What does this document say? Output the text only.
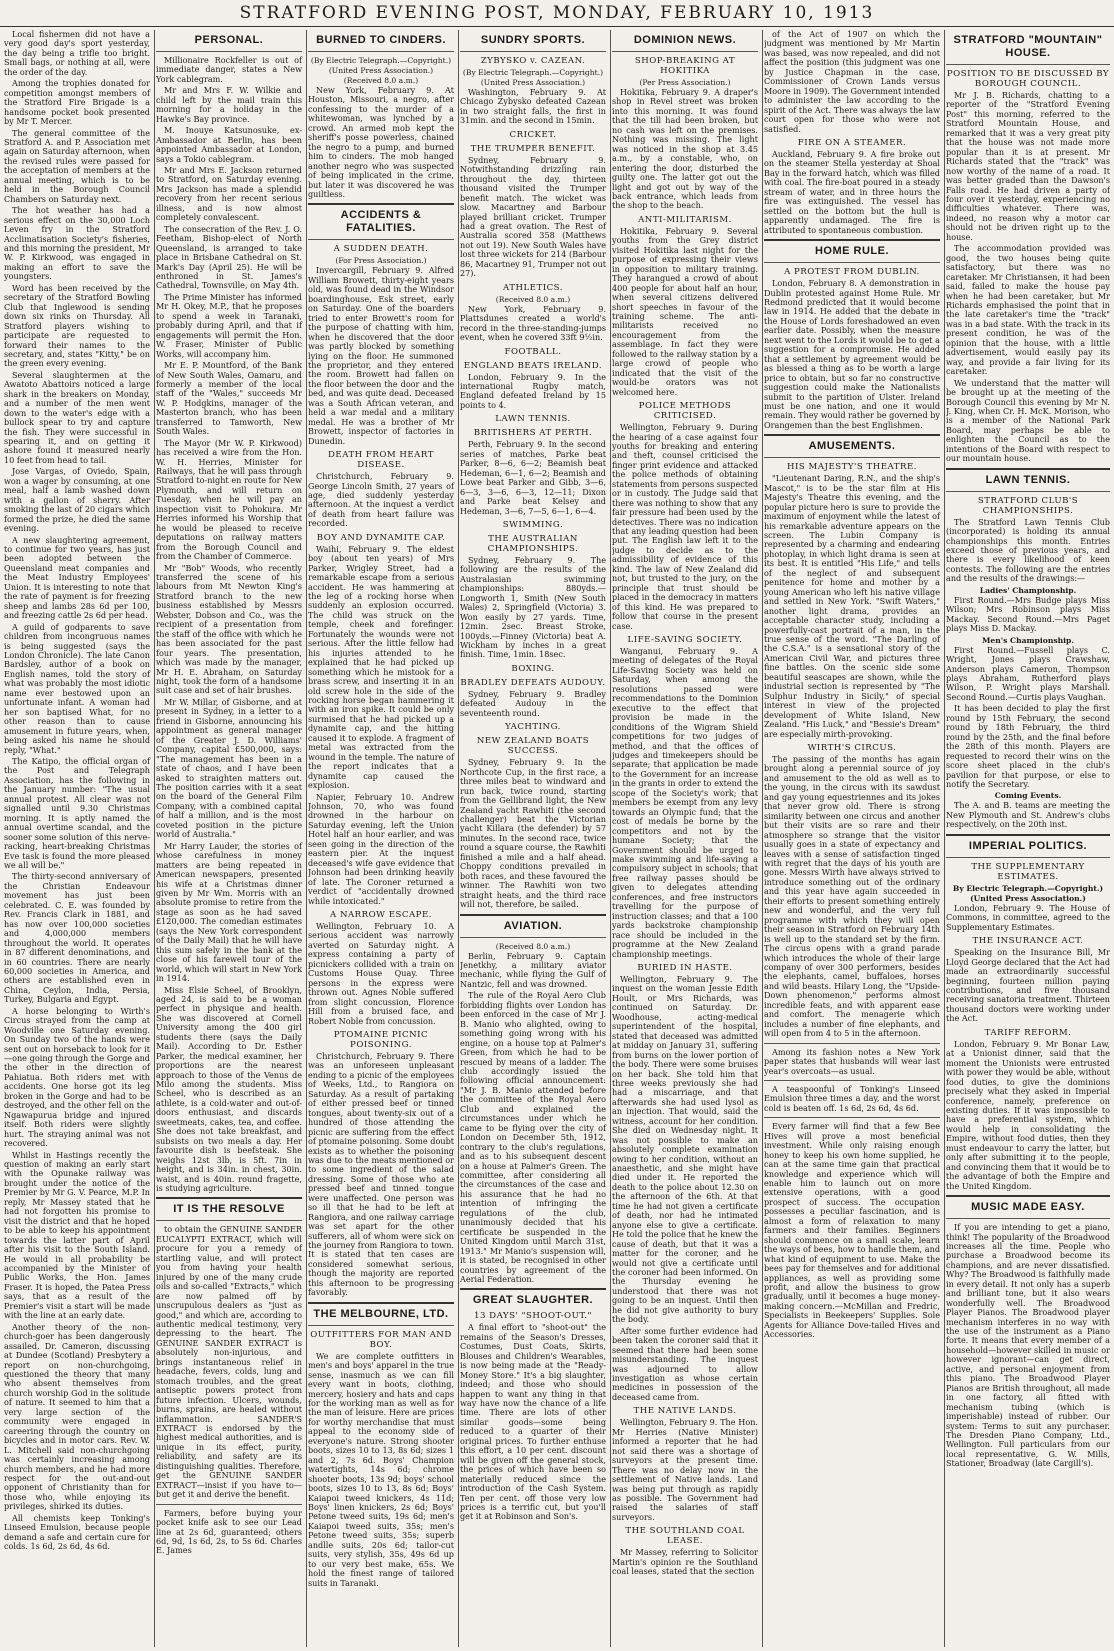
STRATFORD EVENING POST, MONDAY, FEBRUARY 10, 1913

Local fishermen did not have a very good day's sport yesterday, the day being a trifle too bright. Small bags, or nothing at all, were the order of the day.

Among the trophies donated for competition amongst members of the Stratford Fire Brigade is a handsome pocket book presented by Mr T. Mercer.

The general committee of the Stratford A. and P. Association met again on Saturday afternoon, when the revised rules were passed for the acceptation of members at the annual meeting, which is to be held in the Borough Council Chambers on Saturday next.

The hot weather has had a serious effect on the 30,000 Loch Leven fry in the Stratford Acclimatisation Society's fisheries, and this morning the president, Mr W. P. Kirkwood, was engaged in making an effort to save the youngsters.

Word has been received by the secretary of the Stratford Bowling Club that Inglewood is sending down six rinks on Thursday. All Stratford players wishing to participate are requested to forward their names to the secretary, and, states "Kitty," be on the green every evening.

Several slaughtermen at the Awatoto Abattoirs noticed a large shark in the breakers on Monday, and a number of the men went down to the water's edge with a bullock spear to try and capture the fish. They were successful in spearing it, and on getting it ashore found it measured nearly 10 feet from head to tail.

Jose Vargas, of Oviedo, Spain, won a wager by consuming, at one meal, half a lamb washed down with a gallon of sherry. After smoking the last of 20 cigars which formed the prize, he died the same evening.

A new slaughtering agreement, to continue for two years, has just been adopted between the Queensland meat companies and the Meat Industry Employees' Union. It is interesting to note that the rate of payment is for freezing sheep and lambs 28s 6d per 100, and freezing cattle 2s 6d per head.

A guild of godparents to save children from incongruous names is being suggested (says the London Chronicle). The late Canon Bardsley, author of a book on English names, told the story of what was probably the most idiotic name ever bestowed upon an unfortunate infant. A woman had her son baptised What, for no other reason than to cause amusement in future years, when, being asked his name he should reply, "What."

The Katipo, the official organ of the Post and Telegraph Association, has the following in the January number: "The usual annual protest. All clear was not signalled until 9.30 Christmas morning. It is aptly named the annual overtime scandal, and the sooner some solution of this nerve-racking, heart-breaking Christmas Eve task is found the more pleased we all will be."

The thirty-second anniversary of the Christian Endeavour movement has just been celebrated. C. E. was founded by Rev. Francis Clark in 1881, and has now over 100,000 societies and 4,000,000 members throughout the world. It operates in 87 different denominations, and in 60 countries. There are nearly 60,000 societies in America, and others are established even in China, Ceylon, India, Persia, Turkey, Bulgaria and Egypt.

A horse belonging to Wirth's Circus strayed from the camp at Woodville one Saturday evening. On Sunday two of the hands were sent out on horseback to look for it—one going through the Gorge and the other in the direction of Pahiatua. Both riders met with accidents. One horse got its leg broken in the Gorge and had to be destroyed, and the other fell on the Ngawapurua bridge and injured itself. Both riders were slightly hurt. The straying animal was not recovered.

Whilst in Hastings recently the question of making an early start with the Opunake railway was brought under the notice of the Premier by Mr G. V. Pearce, M.P. In reply, Mr Massey stated that he had not forgotten his promise to visit the district and that he hoped to be able to keep his appointment towards the latter part of April after his visit to the South Island. He would in all probability be accompanied by the Minister of Public Works, the Hon. James Fraser. It is hoped, the Patea Press says, that as a result of the Premier's visit a start will be made with the line at an early date.

Another theory of the non-church-goer has been dangerously assailed. Dr. Cameron, discussing at Dundee (Scotland) Presbytery a report on non-churchgoing, questioned the theory that many who absent themselves from church worship God in the solitude of nature. It seemed to him that a very large section of the community were engaged in careering through the country on bicycles and in motor cars. Rev. W. L. Mitchell said non-churchgoing was certainly increasing among church members, and he had more respect for the out-and-out opponent of Christianity than for those who, while enjoying its privileges, shirked its duties.

All chemists keep Tonking's Linseed Emulsion, because people demand a safe and certain cure for colds. 1s 6d, 2s 6d, 4s 6d.

PERSONAL.

Millionaire Rockfeller is out of immediate danger, states a New York cablegram.

Mr and Mrs F. W. Wilkie and child left by the mail train this morning for a holiday in the Hawke's Bay province.

M. Inouye Katsunosuke, ex-Ambassador at Berlin, has been appointed Ambassador at London, says a Tokio cablegram.

Mr and Mrs E. Jackson returned to Stratford, on Saturday evening. Mrs Jackson has made a splendid recovery from her recent serious illness, and is now almost completely convalescent.

The consecration of the Rev. J. O. Feetham, Bishop-elect of North Queensland, is arranged to take place in Brisbane Cathedral on St. Mark's Day (April 25). He will be enthroned in St. James's Cathedral, Townsville, on May 4th.

The Prime Minister has informed Mr H. Okey, M.P., that he proposes to spend a week in Taranaki, probably during April, and that if engagements will permit the Hon. W. Fraser, Minister of Public Works, will accompany him.

Mr E. P. Mountford, of the Bank of New South Wales, Oamaru, and formerly a member of the local staff of the "Wales," succeeds Mr W. P. Hodgkins, manager of the Masterton branch, who has been transferred to Tamworth, New South Wales.

The Mayor (Mr W. P. Kirkwood) has received a wire from the Hon. W. H. Herries, Minister for Railways, that he will pass through Stratford to-night en route for New Plymouth, and will return on Tuesday, when he will pay an inspection visit to Pohokura. Mr Herries informed his Worship that he would be pleased to receive deputations on railway matters from the Borough Council and from the Chamber of Commerce.

Mr "Bob" Woods, who recently transferred the scene of his labours from Mt Newton King's Stratford branch to the new business established by Messrs Webster, Dobson and Co., was the recipient of a presentation from the staff of the office with which he has been associated for the past four years. The presentation, which was made by the manager, Mr H. E. Abraham, on Saturday night, took the form of a handsome suit case and set of hair brushes.

Mr W. Millar, of Gisborne, and at present in Sydney, in a letter to a friend in Gisborne, announcing his appointment as general manager of the Greater J. D. Williams' Company, capital £500,000, says: "The management has been in a state of chaos, and I have been asked to straighten matters out. The position carries with it a seat on the board of the General Film Company, with a combined capital of half a million, and is the most coveted position in the picture world of Australia."

Mr Harry Lauder, the stories of whose carefulness in money matters are being repeated in American newspapers, presented his wife at a Christmas dinner given by Mr Wm. Morris with an absolute promise to retire from the stage as soon as he had saved £120,000. The comedian estimates (says the New York correspondent of the Daily Mail) that he will have this sum safely in the bank at the close of his farewell tour of the world, which will start in New York in 1914.

Miss Elsie Scheel, of Brooklyn, aged 24, is said to be a woman perfect in physique and health. She was discovered at Cornell University among the 400 girl students there (says the Daily Mail). According to Dr. Esther Parker, the medical examiner, her proportions are the nearest approach to those of the Venus de Milo among the students. Miss Scheel, who is described as an athlete, is a cold-water and out-of-doors enthusiast, and discards sweetmeats, cakes, tea, and coffee. She does not take breakfast, and subsists on two meals a day. Her favourite dish is beefsteak. She weighs 12st 3lb, is 5ft. 7in in height, and is 34in. in chest, 30in. waist, and is 40in. round fragette, is studying agriculture.

IT IS THE RESOLVE

to obtain the GENUINE SANDER EUCALYPTI EXTRACT, which will procure for you a remedy of startling value, and will protect you from having your health injured by one of the many crude oils and so-called "Extracts," which are now palmed off by unscrupulous dealers as "just as good," and which are, according to authentic medical testimony, very depressing to the heart. The GENUINE SANDER EXTRACT is absolutely non-injurious, and brings instantaneous relief in headache, fevers, colds, lung and stomach troubles, and the great antiseptic powers protect from future infection. Ulcers, wounds, burns, sprains, are healed without inflammation. SANDER'S EXTRACT is endorsed by the highest medical authorities, and is unique in its effect, purity, reliability, and safety are its distinguishing qualities. Therefore, get the GENUINE SANDER EXTRACT—insist if you have to—but get it and derive the benefit.

Farmers, before buying your pocket knife ask to see our Lead line at 2s 6d, guaranteed; others 6d, 9d, 1s 6d, 2s, to 5s 6d. Charles E. James

BURNED TO CINDERS.
(By Electric Telegraph.—Copyright.)
(United Press Association.)
(Received 8.0 a.m.)

New York, February 9. At Houston, Missouri, a negro, after confessing to the murder of a whitewoman, was lynched by a crowd. An armed mob kept the sheriff's posse powerless, chained the negro to a pump, and burned him to cinders. The mob hanged another negro who was suspected of being implicated in the crime, but later it was discovered he was guiltless.

ACCIDENTS & FATALITIES.
A SUDDEN DEATH.
(For Press Association.)

Invercargill, February 9. Alfred William Browett, thirty-eight years old, was found dead in the Windsor boardinghouse, Esk street, early on Saturday. One of the boarders tried to enter Browett's room for the purpose of chatting with him, when he discovered that the door was partly blocked by something lying on the floor. He summoned the proprietor, and they entered the room. Browett had fallen on the floor between the door and the bed, and was quite dead. Deceased was a South African veteran, and held a war medal and a military medal. He was a brother of Mr Browett, inspector of factories in Dunedin.

DEATH FROM HEART DISEASE.

Christchurch, February 9. George Lincoln Smith, 27 years of age, died suddenly yesterday afternoon. At the inquest a verdict of death from heart failure was recorded.

BOY AND DYNAMITE CAP.

Waihi, February 9. The eldest boy (about ten years) of Mrs Parker, Wrigley Street, had a remarkable escape from a serious accident. He was hammering at the leg of a rocking horse when suddenly an explosion occurred. The child was struck on the temple, cheek and forefinger. Fortunately the wounds were not serious. After the little fellow had his injuries attended to he explained that he had picked up something which he mistook for a brass screw, and inserting it in an old screw hole in the side of the rocking horse began hammering it with an iron spike. It could be only surmised that he had picked up a dynamite cap, and the hitting caused it to explode. A fragment of metal was extracted from the wound in the temple. The nature of the report indicates that a dynamite cap caused the explosion.

Napier, February 10. Andrew Johnson, 70, who was found drowned in the harbour on Saturday evening, left the Union Hotel half an hour earlier, and was seen going in the direction of the eastern pier. At the inquest deceased's wife gave evidence that Johnson had been drinking heavily of late. The Coroner returned a verdict of "accidentally drowned while intoxicated."

A NARROW ESCAPE.

Wellington, February 10. A serious accident was narrowly averted on Saturday night. A express containing a party of picnickers collided with a train on Customs House Quay. Three persons in the express were thrown out. Agnes Noble suffered from slight concussion, Florence Hill from a bruised face, and Robert Noble from concussion.

PTOMAINE PICNIC POISONING.

Christchurch, February 9. There was an unforeseen unpleasant ending to a picnic of the employees of Weeks, Ltd., to Rangiora on Saturday. As a result of partaking of either pressed beef or tinned tongues, about twenty-six out of a hundred of those attending the picnic are suffering from the effect of ptomaine poisoning. Some doubt exists as to whether the poisoning was due to the meats mentioned or to some ingredient of the salad dressing. Some of those who ate pressed beef and tinned tongue were unaffected. One person was so ill that he had to be left at Rangiora, and one railway carriage was set apart for the other sufferers, all of whom were sick on the journey from Rangiora to town. It is stated that ten cases are considered somewhat serious, though the majority are reported this afternoon to be progressing favorably.

THE MELBOURNE, LTD.
OUTFITTERS FOR MAN AND BOY.

We are complete outfitters in men's and boys' apparel in the true sense, inasmuch as we can fill every want in boots, clothing, mercery, hosiery and hats and caps for the working man as well as for the man of leisure. Here are prices for worthy merchandise that must appeal to the economy side of everyone's nature. Strong shooter boots, sizes 10 to 13, 8s 6d; sizes 1 and 2, 7s 6d. Boys' Champion watertights, 14s 6d; chrome shooter boots, 13s 9d; boys' school boots, sizes 10 to 13, 8s 6d; Boys' Kaiapoi tweed knickers, 4s 11d; Boys' linen knickers, 2s 6d; Boys' Petone tweed suits, 19s 6d; men's Kaiapoi tweed suits, 35s; men's Petone tweed suits, 35s; superb andlle suits, 20s 6d; tailor-cut suits, very stylish, 35s, 49s 6d up to our very best make, 65s. We hold the finest range of tailored suits in Taranaki.

SUNDRY SPORTS.
ZYBYSKO v. CAZEAN.
(By Electric Telegraph.—Copyright.)
(United Press Association.)

Washington, February 9. At Chicago Zybysko defeated Cazean in two straight falls, the first in 31min. and the second in 15min.

CRICKET.
THE TRUMPER BENEFIT.

Sydney, February 9. Notwithstanding drizzling rain throughout the day, thirteen thousand visited the Trumper benefit match. The wicket was slow. Macartney and Barbour played brilliant cricket. Trumper had a great ovation. The Rest of Australia scored 358 (Matthews not out 19). New South Wales have lost three wickets for 214 (Barbour 86, Macartney 91, Trumper not out 27).

ATHLETICS.
(Received 8.0 a.m.)

New York, February 9. Plattsdunes created a world's record in the three-standing-jumps event, when he covered 33ft 9½in.

FOOTBALL.
ENGLAND BEATS IRELAND.

London, February 9. In the international Rugby match, England defeated Ireland by 15 points to 4.

LAWN TENNIS.
BRITISHERS AT PERTH.

Perth, February 9. In the second series of matches, Parke beat Parker, 8—6, 6—2; Beamish beat Hedeman, 6—1, 6—2; Beamish and Lowe beat Parker and Gibb, 3—6, 6—3, 3—6, 6—3, 12—11; Dixon and Parke beat Kelsey and Hedeman, 3—6, 7—5, 6—1, 6—4.

SWIMMING.
THE AUSTRALIAN CHAMPIONSHIPS.

Sydney, February 9. The following are the results of the Australasian swimming championships: 880yds.—Longworth 1, Smith (New South Wales) 2, Springfield (Victoria) 3. Won easily by 27 yards. Time, 12min. 2sec. Breast Stroke, 100yds.—Finney (Victoria) beat A. Wickham by inches in a great finish. Time, 1min. 18sec.

BOXING.
BRADLEY DEFEATS AUDOUY.

Sydney, February 9. Bradley defeated Audouy in the seventeenth round.

YACHTING.
NEW ZEALAND BOATS SUCCESS.

Sydney, February 9. In the Northcote Cup, in the first race, a three miles beat to windward and run back, twice round, starting from the Gellibrand light, the New Zealand yacht Rawhiti (the second challenger) beat the Victorian yacht Killara (the defender) by 57 minutes. In the second race, twice round a square course, the Rawhiti finished a mile and a half ahead. Choppy conditions prevailed in both races, and these favoured the winner. The Rawhiti won two straight heats, and the third race will not, therefore, be sailed.

AVIATION.
(Received 8.0 a.m.)

Berlin, February 9. Captain Jenetkhy, a military aviator mechanic, while flying the Gulf of Nantzic, fell and was drowned.

The rule of the Royal Aero Club forbidding flights over London has been enforced in the case of Mr J. B. Manio who alighted, owing to something going wrong with his engine, on a house top at Palmer's Green, from which he had to be rescued by means of a ladder. The club accordingly issued the following official announcement: "Mr J. B. Manio attended before the committee of the Royal Aero Club and explained the circumstances under which he came to be flying over the city of London on December 5th, 1912, contrary to the club's regulations, and as to his subsequent descent on a house at Palmer's Green. The committee, after considering all the circumstances of the case and his assurance that he had no intention of infringing the regulations of the club, unanimously decided that his certificate be suspended in the United Kingdom until March 31st, 1913." Mr Manio's suspension will, it is stated, be recognised in other countries by agreement of the Aerial Federation.

GREAT SLAUGHTER.
13 DAYS' "SHOOT-OUT."

A final effort to "shoot-out" the remains of the Season's Dresses, Costumes, Dust Coats, Skirts, Blouses and Children's Wearables, is now being made at the "Ready-Money Store." It's a big slaughter, indeed; and those who should happen to want any thing in that way have now the chance of a life time. There are lots of other similar goods—some being reduced to a quarter of their original prices. To further enthuse this effort, a 10 per cent. discount will be given off the general stock, the prices of which have been so materially reduced since the introduction of the Cash System. Ten per cent. off those very low prices is a terrific cut, but you'll get it at Robinson and Son's.

DOMINION NEWS.
SHOP-BREAKING AT HOKITIKA
(Per Press Association.)

Hokitika, February 9. A draper's shop in Revel street was broken into this morning. It was found that the till had been broken, but no cash was left on the premises. Nothing was missing. The light was noticed in the shop at 3.45 a.m., by a constable, who, on entering the door, disturbed the guilty one. The latter got out the light and got out by way of the back entrance, which leads from the shop to the beach.

ANTI-MILITARISM.

Hokitika, February 9. Several youths from the Grey district visited Hokitika last night for the purpose of expressing their views in opposition to military training. They harangued a crowd of about 400 people for about half an hour, when several citizens delivered short speeches in favour of the training scheme. The anti-militarists received no encouragement from the assemblage. In fact they were followed to the railway station by a large crowd of people who indicated that the visit of the would-be orators was not welcomed here.

POLICE METHODS CRITICISED.

Wellington, February 9. During the hearing of a case against four youths for breaking and entering and theft, counsel criticised the finger print evidence and attacked the police methods of obtaining statements from persons suspected or in custody. The Judge said that there was nothing to show that any fair pressure had been used by the detectives. There was no indication that any leading question had been put. The English law left it to the judge to decide as to the admissibility of evidence of this kind. The law of New Zealand did not, but trusted to the jury, on the principle that trust should be placed in the democracy in matters of this kind. He was prepared to follow that course in the present case.

LIFE-SAVING SOCIETY.

Wanganui, February 9. A meeting of delegates of the Royal Life-Saving Society was held on Saturday, when among the resolutions passed were recommendations to the Dominion executive to the effect that provision be made in the conditions of the Wigram Shield competitions for two judges of method, and that the offices of judges and timekeepers should be separate; that application be made to the Government for an increase in the grants in order to extend the scope of the Society's work; that members be exempt from any levy towards an Olympic fund; that the cost of medals be borne by the competitors and not by the humane Society; that the Government should be urged to make swimming and life-saving a compulsory subject in schools; that free railway passes should be given to delegates attending conferences, and free instructors travelling for the purpose of instruction classes; and that a 100 yards backstroke championship race should be included in the programme at the New Zealand championship meetings.

BURIED IN HASTE.

Wellington, February 9. The inquest on the woman Jessie Edith Hoult, or Mrs Richards, was continued on Saturday. Dr. Woodhouse, acting-medical superintendent of the hospital, stated that deceased was admitted at midday on January 31, suffering from burns on the lower portion of the body. There were some bruises on her back. She told him that three weeks previously she had had a miscarriage, and that afterwards she had used lysol as an injection. That would, said the witness, account for her condition. She died on Wednesday night. It was not possible to make an absolutely complete examination owing to her condition, without an anaesthetic, and she might have died under it. He reported the death to the police about 12.30 on the afternoon of the 6th. At that time he had not given a certificate of death, nor had he intimated anyone else to give a certificate. He told the police that he knew the cause of death, but that it was a matter for the coroner, and he would not give a certificate until the coroner had been informed. On the Thursday evening he understood that there was not going to be an inquest. Until then he did not give authority to bury the body.

After some further evidence had been taken the coroner said that it seemed that there had been some misunderstanding. The inquest was adjourned to allow investigation as whose certain medicines in possession of the deceased came from.

THE NATIVE LANDS.

Wellington, February 9. The Hon. Mr Herries (Native Minister) informed a reporter that he had not said there was a shortage of surveyors at the present time. There was no delay now in the settlement of Native lands. Land was being put through as rapidly as possible. The Government had raised the salaries of staff surveyors.

THE SOUTHLAND COAL LEASE.

Mr Massey, referring to Solicitor Martin's opinion re the Southland coal leases, stated that the section

of the Act of 1907 on which the judgment was mentioned by Mr Martin was based, was now repealed, and did not affect the position (this judgment was one by Justice Chapman in the case, Commissioner of Crown Lands versus Moore in 1909). The Government intended to administer the law according to the spirit of the Act. There was always the law court open for those who were not satisfied.

FIRE ON A STEAMER.

Auckland, February 9. A fire broke out on the steamer Stella yesterday at Shoal Bay in the forward hatch, which was filled with coal. The fire-boat poured in a steady stream of water, and in three hours the fire was extinguished. The vessel has settled on the bottom but the hull is apparently undamaged. The fire is attributed to spontaneous combustion.

HOME RULE.
A PROTEST FROM DUBLIN.

London, February 8. A demonstration in Dublin protested against Home Rule. Mr Redmond predicted that it would become law in 1914. He added that the debate in the House of Lords foreshadowed an even earlier date. Possibly, when the measure next went to the Lords it would be to get a suggestion for a compromise. He added that a settlement by agreement would be as blessed a thing as to be worth a large price to obtain, but so far no constructive suggestion could make the Nationalists submit to the partition of Ulster. Ireland must be one nation, and one it would remain. They would rather be governed by Orangemen than the best Englishmen.

AMUSEMENTS.
HIS MAJESTY'S THEATRE.

"Lieutenant Daring, R.N., and the ship's Mascot," is to be the star film at His Majesty's Theatre this evening, and the popular picture hero is sure to provide the maximum of enjoyment while the latest of his remarkable adventure appears on the screen. The Lubin Company is represented by a charming and endearing photoplay, in which light drama is seen at its best. It is entitled "His Life," and tells of the neglect of and subsequent penitence for home and mother by a young American who left his native village and settled in New York. "Swift Waters," another light drama, provides an acceptable character study, including a powerfully-cast portrait of a man, in the true sense of the word. "The Darling of the C.S.A." is a sensational story of the American Civil War, and pictures three fine battles. On the scenic side some beautiful seascapes are shown, while the industrial section is represented by "The Sulphur Industry in Sicily," of special interest in view of the projected development of White Island, New Zealand. "His Luck," and "Bessie's Dream" are especially mirth-provoking.

WIRTH'S CIRCUS.

The passing of the months has again brought along a perennial source of joy and amusement to the old as well as to the young, in the circus with its sawdust and gay young equestriennes and its jokes that never grow old. There is strong similarity between one circus and another but their visits are so rare and their atmosphere so strange that the visitor usually goes in a state of expectancy and leaves with a sense of satisfaction tinged with regret that the days of his youth are gone. Messrs Wirth have always strived to introduce something out of the ordinary and this year have again succeeded in their efforts to present something entirely new and wonderful, and the very full programme with which they will open their season in Stratford on February 14th is well up to the standard set by the firm. The circus opens with a grand parade which introduces the whole of their large company of over 300 performers, besides the elephants, camel, buffaloes, horses and wild beasts. Hilary Long, the "Upside-Down phenomenon," performs almost incredible feats, and with apparent ease and comfort. The menagerie which includes a number of fine elephants, and will open from 4 to 5 in the afternoon.

Among its fashion notes a New York paper states that husbands will wear last year's overcoats—as usual.

A teaspoonful of Tonking's Linseed Emulsion three times a day, and the worst cold is beaten off. 1s 6d, 2s 6d, 4s 6d.

Every farmer will find that a few Bee Hives will prove a most beneficial investment. While only raising enough honey to keep his own home supplied, he can at the same time gain that practical knowledge and experience which will enable him to launch out on more extensive operations, with a good prospect of success. The occupation possesses a peculiar fascination, and is almost a form of relaxation to many farmers and their families. Beginners should commence on a small scale, learn the ways of bees, how to handle them, and what kind of equipment to use. Make the bees pay for themselves and for additional appliances, as well as providing some profit, and allow the business to grow gradually, until it becomes a huge money-making concern.—McMillan and Fredric, Specialists in Beekeepers' Supplies. Sole Agents for Alliance Dove-tailed Hives and Accessories.

STRATFORD "MOUNTAIN" HOUSE.
POSITION TO BE DISCUSSED BY BOROUGH COUNCIL.

Mr J. B. Richards, chatting to a reporter of the "Stratford Evening Post" this morning, referred to the Stratford Mountain House, and remarked that it was a very great pity that the house was not made more popular than it is at present. Mr Richards stated that the "track" was now worthy of the name of a road. It was better graded than the Dawson's Falls road. He had driven a party of four over it yesterday, experiencing no difficulties whatever. There was, indeed, no reason why a motor car should not be driven right up to the house.

The accommodation provided was good, the two houses being quite satisfactory, but there was no caretaker. Mr Christiansen, it had been said, failed to make the house pay when he had been caretaker, but Mr Richards emphasised the point that in the late caretaker's time the "track" was in a bad state. With the track in its present condition, he was of the opinion that the house, with a little advertisement, would easily pay its way, and provide a fair living for its caretaker.

We understand that the matter will be brought up at the meeting of the Borough Council this evening by Mr N. J. King, when Cr. H. McK. Morison, who is a member of the National Park Board, may perhaps be able to enlighten the Council as to the intentions of the Board with respect to our mountain house.

LAWN TENNIS.
STRATFORD CLUB'S CHAMPIONSHIPS.

The Stratford Lawn Tennis Club (incorporated) is holding its annual championships this month. Entries exceed those of previous years, and there is every likelihood of keen contests. The following are the entries and the results of the drawings:—

Ladies' Championship.

First Round.—Mrs Budge plays Miss Wilson; Mrs Robinson plays Miss Mackay. Second Round.—Mrs Paget plays Miss D. Mackay.

Men's Championship.

First Round.—Fussell plays C. Wright, Jones plays Crawshaw, Anderson plays Cameron, Thompson plays Abraham, Rutherford plays Wilson, P. Wright plays Marshall. Second Round.—Curtis plays Vaughan.

It has been decided to play the first round by 15th February, the second round by 18th February, the third round by the 25th, and the final before the 28th of this month. Players are requested to record their wins on the score sheet placed in the club's pavilion for that purpose, or else to notify the Secretary.

Coming Events.

The A. and B. teams are meeting the New Plymouth and St. Andrew's clubs respectively, on the 20th inst.

IMPERIAL POLITICS.
THE SUPPLEMENTARY ESTIMATES.
By Electric Telegraph.—Copyright.)
(United Press Association.)

London, February 9. The House of Commons, in committee, agreed to the Supplementary Estimates.

THE INSURANCE ACT.

Speaking on the Insurance Bill, Mr Lloyd George declared that the Act had made an extraordinarily successful beginning, fourteen million paying contributions, and five thousand receiving sanatoria treatment. Thirteen thousand doctors were working under the Act.

TARIFF REFORM.

London, February 9. Mr Bonar Law, at a Unionist dinner, said that the moment the Unionists were entrusted with power they would be able, without food duties, to give the dominions precisely what they asked in Imperial conference, namely, preference on existing duties. If it was impossible to have a preferential system, which would help in consolidating the Empire, without food duties, then they must endeavour to carry the latter, but only after submitting it to the people, and convincing them that it would be to the advantage of both the Empire and the United Kingdom.

MUSIC MADE EASY.

If you are intending to get a piano, think! The popularity of the Broadwood increases all the time. People who purchase a Broadwood become its champions, and are never dissatisfied. Why? The Broadwood is faithfully made in every detail. It not only has a superb and brilliant tone, but it also wears wonderfully well. The Broadwood Player Pianos. The Broadwood player mechanism interferes in no way with the use of the instrument as a Piano forte. It means that every member of a household—however skilled in music or however ignorant—can get direct, active, and personal enjoyment from this piano. The Broadwood Player Pianos are British throughout, all made in one factory, all fitted with mechanism tubing (which is imperishable) instead of rubber. Our system: Terms to suit any purchaser. The Dresden Piano Company, Ltd., Wellington. Full particulars from our local representative, G. W. Mills, Stationer, Broadway (late Cargill's).
